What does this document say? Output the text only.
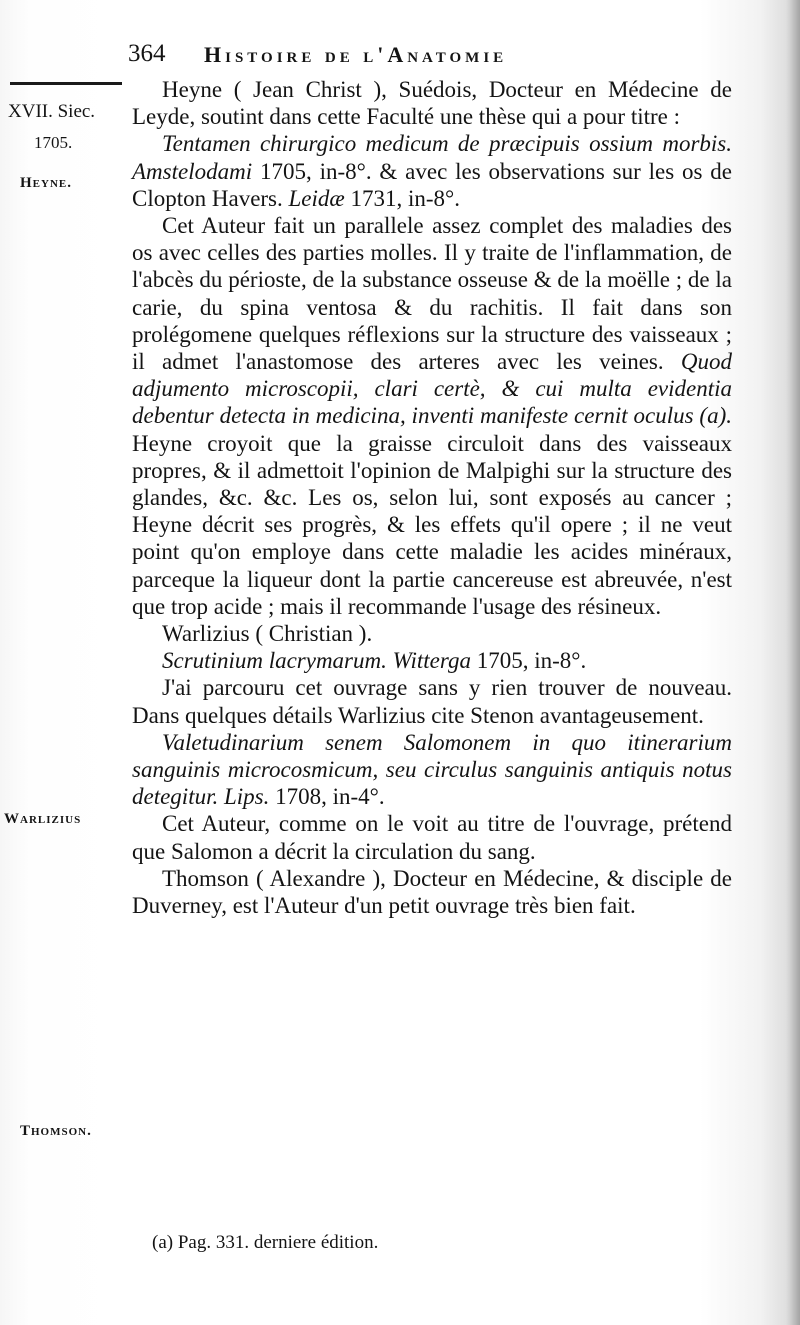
364 Histoire de l'Anatomie
XVII. Siec.
1705.
Heyne.
Warlizius
Thomson.

Heyne ( Jean Christ ), Suédois, Docteur en Médecine de Leyde, soutint dans cette Faculté une thèse qui a pour titre :

Tentamen chirurgico medicum de præcipuis ossium morbis. Amstelodami 1705, in-8°. & avec les observations sur les os de Clopton Havers. Leidæ 1731, in-8°.

Cet Auteur fait un parallele assez complet des maladies des os avec celles des parties molles. Il y traite de l'inflammation, de l'abcès du périoste, de la substance osseuse & de la moëlle ; de la carie, du spina ventosa & du rachitis. Il fait dans son prolégomene quelques réflexions sur la structure des vaisseaux ; il admet l'anastomose des arteres avec les veines. Quod adjumento microscopii, clari certè, & cui multa evidentia debentur detecta in medicina, inventi manifeste cernit oculus (a). Heyne croyoit que la graisse circuloit dans des vaisseaux propres, & il admettoit l'opinion de Malpighi sur la structure des glandes, &c. &c. Les os, selon lui, sont exposés au cancer ; Heyne décrit ses progrès, & les effets qu'il opere ; il ne veut point qu'on employe dans cette maladie les acides minéraux, parceque la liqueur dont la partie cancereuse est abreuvée, n'est que trop acide ; mais il recommande l'usage des résineux.

Warlizius ( Christian ).

Scrutinium lacrymarum. Witterga 1705, in-8°.

J'ai parcouru cet ouvrage sans y rien trouver de nouveau. Dans quelques détails Warlizius cite Stenon avantageusement.

Valetudinarium senem Salomonem in quo itinerarium sanguinis microcosmicum, seu circulus sanguinis antiquis notus detegitur. Lips. 1708, in-4°.

Cet Auteur, comme on le voit au titre de l'ouvrage, prétend que Salomon a décrit la circulation du sang.

Thomson ( Alexandre ), Docteur en Médecine, & disciple de Duverney, est l'Auteur d'un petit ouvrage très bien fait.

(a) Pag. 331. derniere édition.
